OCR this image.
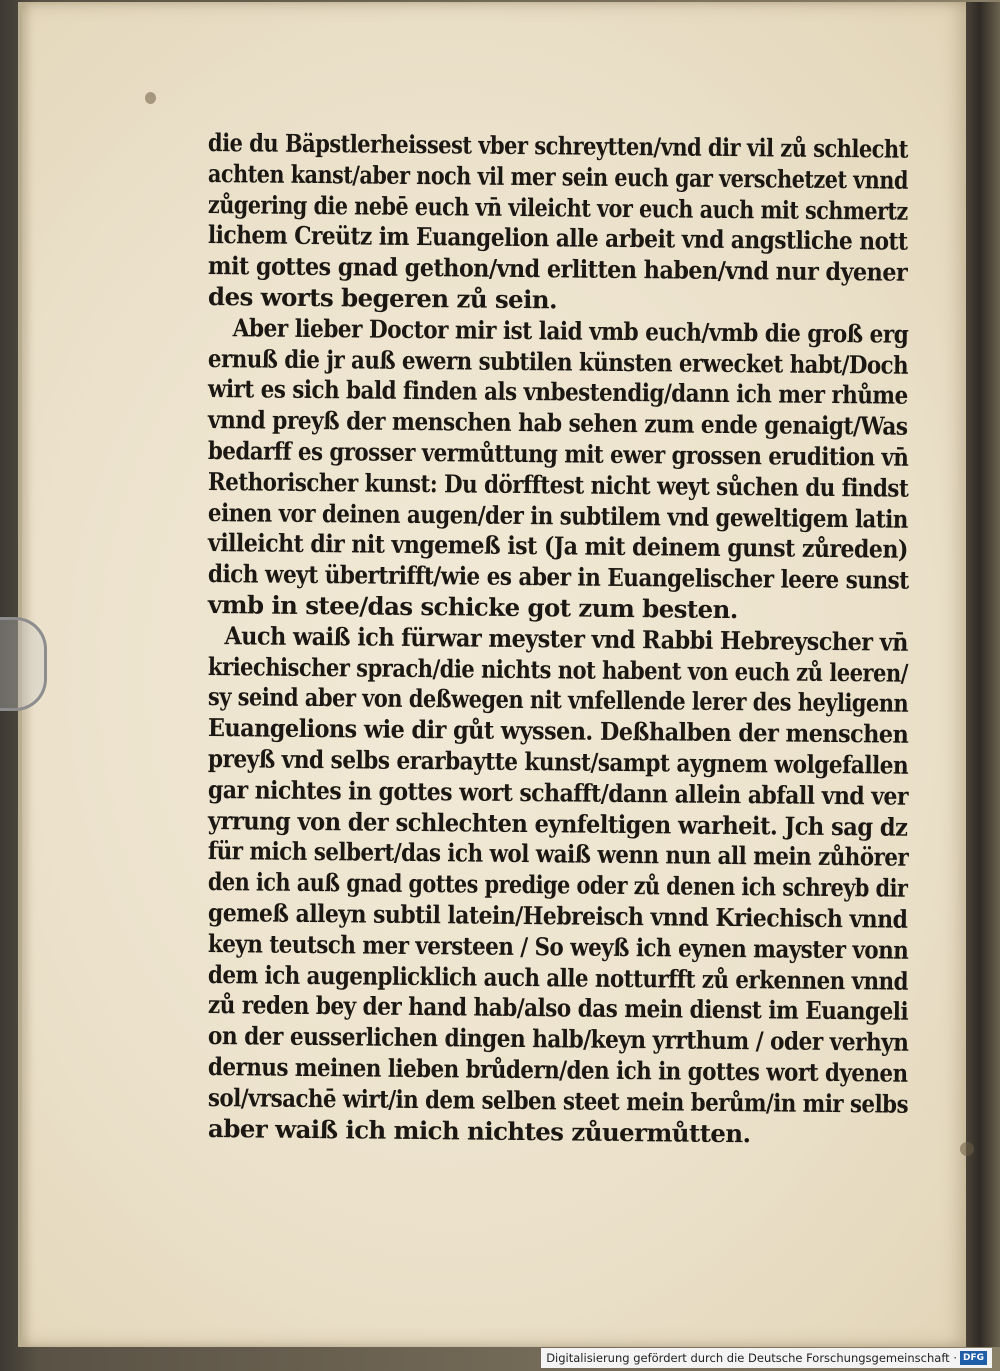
die du Bäpstlerheissest vber schreytten/vnd dir vil zů schlecht
achten kanst/aber noch vil mer sein euch gar verschetzet vnnd
zůgering die nebē euch vn̄ vileicht vor euch auch mit schmertz
lichem Creütz im Euangelion alle arbeit vnd angstliche nott
mit gottes gnad gethon/vnd erlitten haben/vnd nur dyener
des worts begeren zů sein.
Aber lieber Doctor mir ist laid vmb euch/vmb die groß erg
ernuß die jr auß ewern subtilen künsten erwecket habt/Doch
wirt es sich bald finden als vnbestendig/dann ich mer rhůme
vnnd preyß der menschen hab sehen zum ende genaigt/Was
bedarff es grosser vermůttung mit ewer grossen erudition vn̄
Rethorischer kunst: Du dörfftest nicht weyt sůchen du findst
einen vor deinen augen/der in subtilem vnd geweltigem latin
villeicht dir nit vngemeß ist (Ja mit deinem gunst zůreden)
dich weyt übertrifft/wie es aber in Euangelischer leere sunst
vmb in stee/das schicke got zum besten.
Auch waiß ich fürwar meyster vnd Rabbi Hebreyscher vn̄
kriechischer sprach/die nichts not habent von euch zů leeren/
sy seind aber von deßwegen nit vnfellende lerer des heyligenn
Euangelions wie dir gůt wyssen. Deßhalben der menschen
preyß vnd selbs erarbaytte kunst/sampt aygnem wolgefallen
gar nichtes in gottes wort schafft/dann allein abfall vnd ver
yrrung von der schlechten eynfeltigen warheit. Jch sag dz
für mich selbert/das ich wol waiß wenn nun all mein zůhörer
den ich auß gnad gottes predige oder zů denen ich schreyb dir
gemeß alleyn subtil latein/Hebreisch vnnd Kriechisch vnnd
keyn teutsch mer versteen / So weyß ich eynen mayster vonn
dem ich augenplicklich auch alle notturfft zů erkennen vnnd
zů reden bey der hand hab/also das mein dienst im Euangeli
on der eusserlichen dingen halb/keyn yrrthum / oder verhyn
dernus meinen lieben brůdern/den ich in gottes wort dyenen
sol/vrsachē wirt/in dem selben steet mein berům/in mir selbs
aber waiß ich mich nichtes zůuermůtten.
Digitalisierung gefördert durch die Deutsche Forschungsgemeinschaft · DFG
